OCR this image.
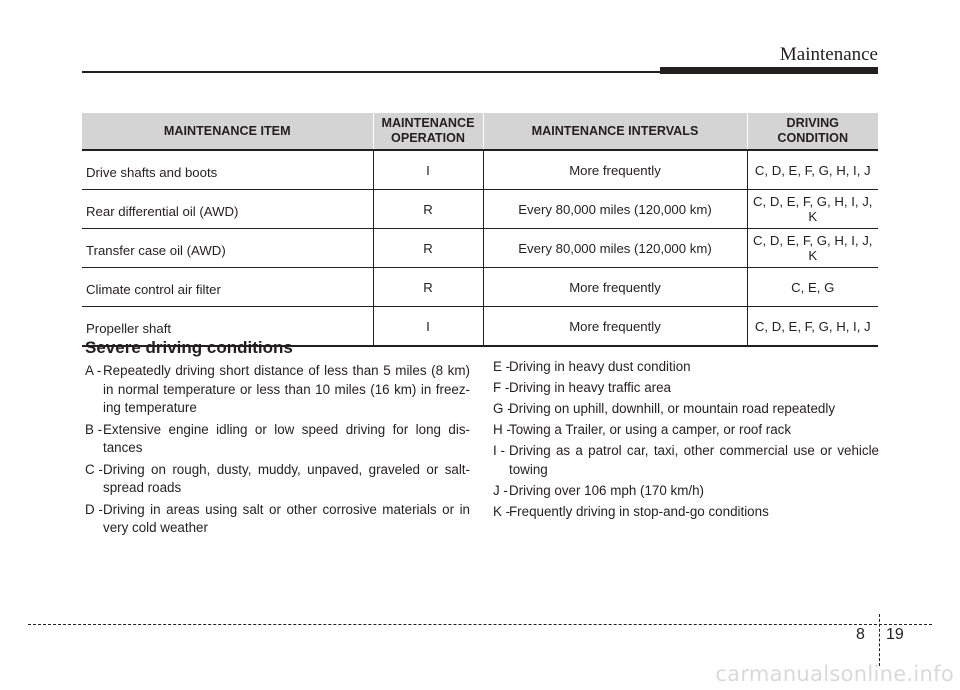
Maintenance
MAINTENANCE ITEM	MAINTENANCE OPERATION	MAINTENANCE INTERVALS	DRIVING CONDITION
Drive shafts and boots	I	More frequently	C, D, E, F, G, H, I, J
Rear differential oil (AWD)	R	Every 80,000 miles (120,000 km)	C, D, E, F, G, H, I, J, K
Transfer case oil (AWD)	R	Every 80,000 miles (120,000 km)	C, D, E, F, G, H, I, J, K
Climate control air filter	R	More frequently	C, E, G
Propeller shaft	I	More frequently	C, D, E, F, G, H, I, J
Severe driving conditions
A - Repeatedly driving short distance of less than 5 miles (8 km) in normal temperature or less than 10 miles (16 km) in freez-ing temperature
B - Extensive engine idling or low speed driving for long dis-tances
C - Driving on rough, dusty, muddy, unpaved, graveled or salt-spread roads
D - Driving in areas using salt or other corrosive materials or in very cold weather
E -
Driving in heavy dust condition
F - Driving in heavy traffic area
G -
Driving on uphill, downhill, or mountain road repeatedly
H -
Towing a Trailer, or using a camper, or roof rack
I - Driving as a patrol car, taxi, other commercial use or vehicle towing
J - Driving over 106 mph (170 km/h)
K -
Frequently driving in stop-and-go conditions
8 19
carmanualsonline.info
